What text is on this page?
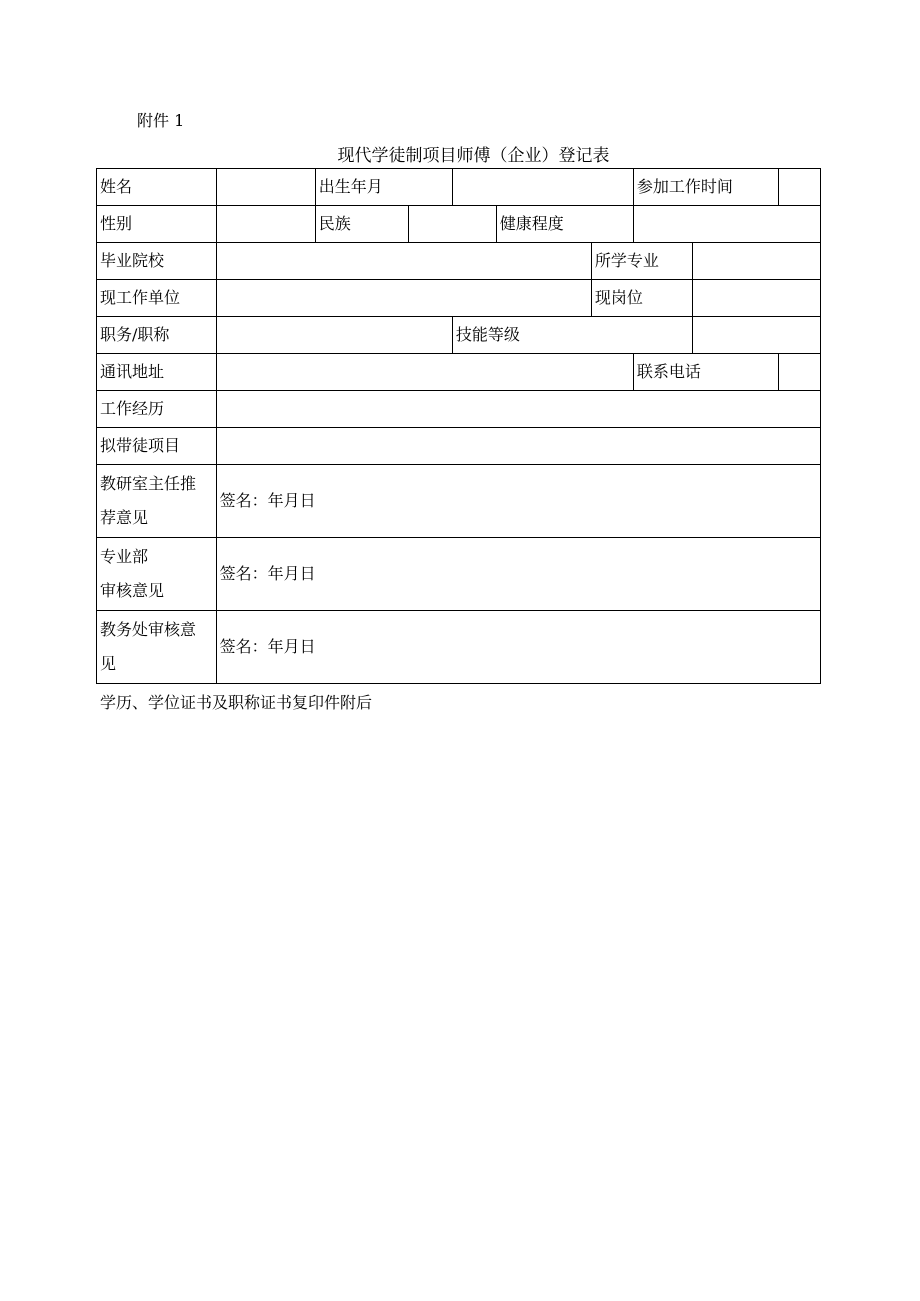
附件 1
现代学徒制项目师傅（企业）登记表
姓名		出生年月					参加工作时间		
性别		民族			健康程度				
毕业院校						所学专业			
现工作单位						现岗位			
职务/职称				技能等级					
通讯地址							联系电话		
工作经历									
拟带徒项目									

教研室主任推
荐意见	签名：年月日								

专业部
审核意见	签名：年月日								

教务处审核意
见	签名：年月日								
学历、学位证书及职称证书复印件附后
